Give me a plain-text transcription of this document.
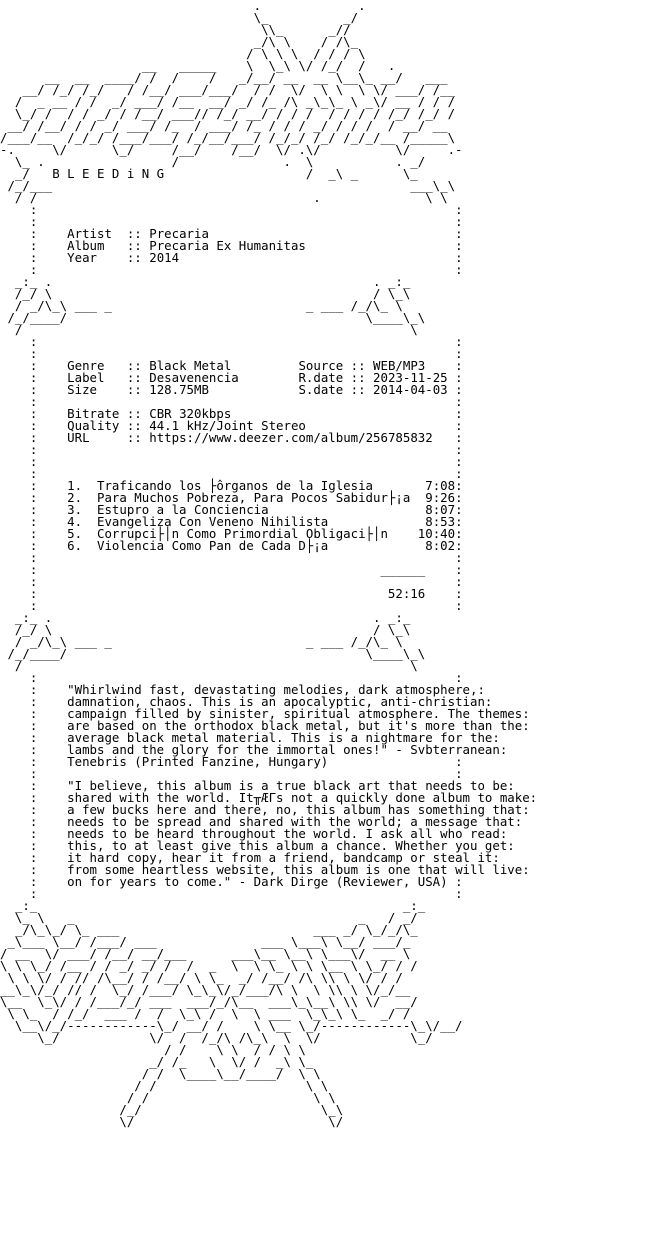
.             .
\_          _/
\\_      _//
_/\ \    / /\_
/ \ \ \  / / / \
__   _____    \  \_\ \/ /_/  /   .
__  __  ____/ /  /    /   _/__/ __  __ \__\_ __/   ___
__/ /_/ /_/   / /__/ ___/___/  / /  \/  \ \  \ \/ ___/ /__
/  _ __ / /  _/ ___/ /__  __/ _/ /_ /\ _\_\_ \ _\/ __ / / /
\_/ /  / / _/ / /__/ ___// /_/ __/ / / /  / / / / /_/ /_/ /
__/ /__/ / / _/ ___/ /_  / ___/ /_ / / / _/ / / /  / __/ __
/___/__  /_/_/ /___/___/ /_/__/___/ /_/_/ /_/ /_/_/__ /_____\
-.     \/      \_/     /__/    /__/  \/ .\/          \/     .-
\_ .                 /              .  \           . _/
_/   B L E E D i N G                   /  _\ _      \_
/_/___                                                ___\_\
/ /                                     .              \ \
:	:
:	:
: Artist  :: Precaria	:
: Album   :: Precaria Ex Humanitas	:
: Year    :: 2014	:
:	:
_:_ .                                           . _:_
/_/ \                                           / \_\
/ _/\_\ ___ _                          _ ___ /_/\_ \
/_/____/                                        \____\_\
/                                                    \
:	:
:	:
: Genre   :: Black Metal         Source :: WEB/MP3 :
: Label   :: Desavenencia        R.date :: 2023-11-25 :
: Size    :: 128.75MB            S.date :: 2014-04-03 :
:	:
: Bitrate :: CBR 320kbps	:
: Quality :: 44.1 kHz/Joint Stereo	:
: URL     :: https://www.deezer.com/album/256785832 :
:	:
:	:
:	:
: 1.  Traficando los ├ôrganos de la Iglesia       7:08:
: 2.  Para Muchos Pobreza, Para Pocos Sabidur├¡a  9:26:
: 3.  Estupro a la Conciencia                     8:07:
: 4.  Evangeliza Con Veneno Nihilista             8:53:
: 5.  Corrupci├│n Como Primordial Obligaci├│n    10:40:
: 6.  Violencia Como Pan de Cada D├¡a             8:02:
:	:
:	______ :
:	:
:	52:16 :
:	:
_:_ .                                           . _:_
/_/ \                                           / \_\
/ _/\_\ ___ _                          _ ___ /_/\_ \
/_/____/                                        \____\_\
/                                                    \
:	:
: "Whirlwind fast, devastating melodies, dark atmosphere,:
: damnation, chaos. This is an apocalyptic, anti-christian:
: campaign filled by sinister, spiritual atmosphere. The themes:
: are based on the orthodox black metal, but it's more than the:
: average black metal material. This is a nightmare for the:
: lambs and the glory for the immortal ones!" - Svbterranean:
: Tenebris (Printed Fanzine, Hungary)	:
:	:
: "I believe, this album is a true black art that needs to be:
: shared with the world. It╥ÆΓs not a quickly done album to make:
: a few bucks here and there, no, this album has something that:
: needs to be spread and shared with the world; a message that:
: needs to be heard throughout the world. I ask all who read:
: this, to at least give this album a chance. Whether you get:
: it hard copy, hear it from a friend, bandcamp or steal it:
: from some heartless website, this album is one that will live:
: on for years to come." - Dark Dirge (Reviewer, USA) :
:	:
_:_                                                 _:_
\_ \   _                                      _   / _/
_/\_\_/ \_ ___                          ___ _/ \_/_/\_
_\___ \__/ /___/ ___              ___ \___\ \__/ ___/_
/ __  \/ ___/ /__/ __/___      ___\__ \__\ \___\/  __ \
\ \ \_/ /__ / / _/ _/ /  /  _  \  \ \_ \ \ \__ \ \_/ / /
\ \ \/ / // /\__/ / /__/ \ \_  _/ /__/ /\ \\ \ \/ / /
__\_\/_/ // /  \_/ /___/ \_\_\/_/___/\ \  \ \\ \ \/_/__
\__  \_\/ / /___/_/ ___  ___/_/\__  ___\_\__\ \\ \/  __/
\ \_  / /_/  ___ /  /  \_\ /  \  \ ___  \_\_\ \_  _/ /
\__\/_/------------\_/ __/ /    \ \__ \_/------------\_\/__/
\_/            \/  /  /_/\ /\_\  \  \/            \_/
/ /    \ \  / / \ \
_/ /_   \  \/ /  _\ \_
/ /  \____\__/____/  \ \
/ /                    \ \
/ /                      \ \
/_/                        \_\
\/                          \/
